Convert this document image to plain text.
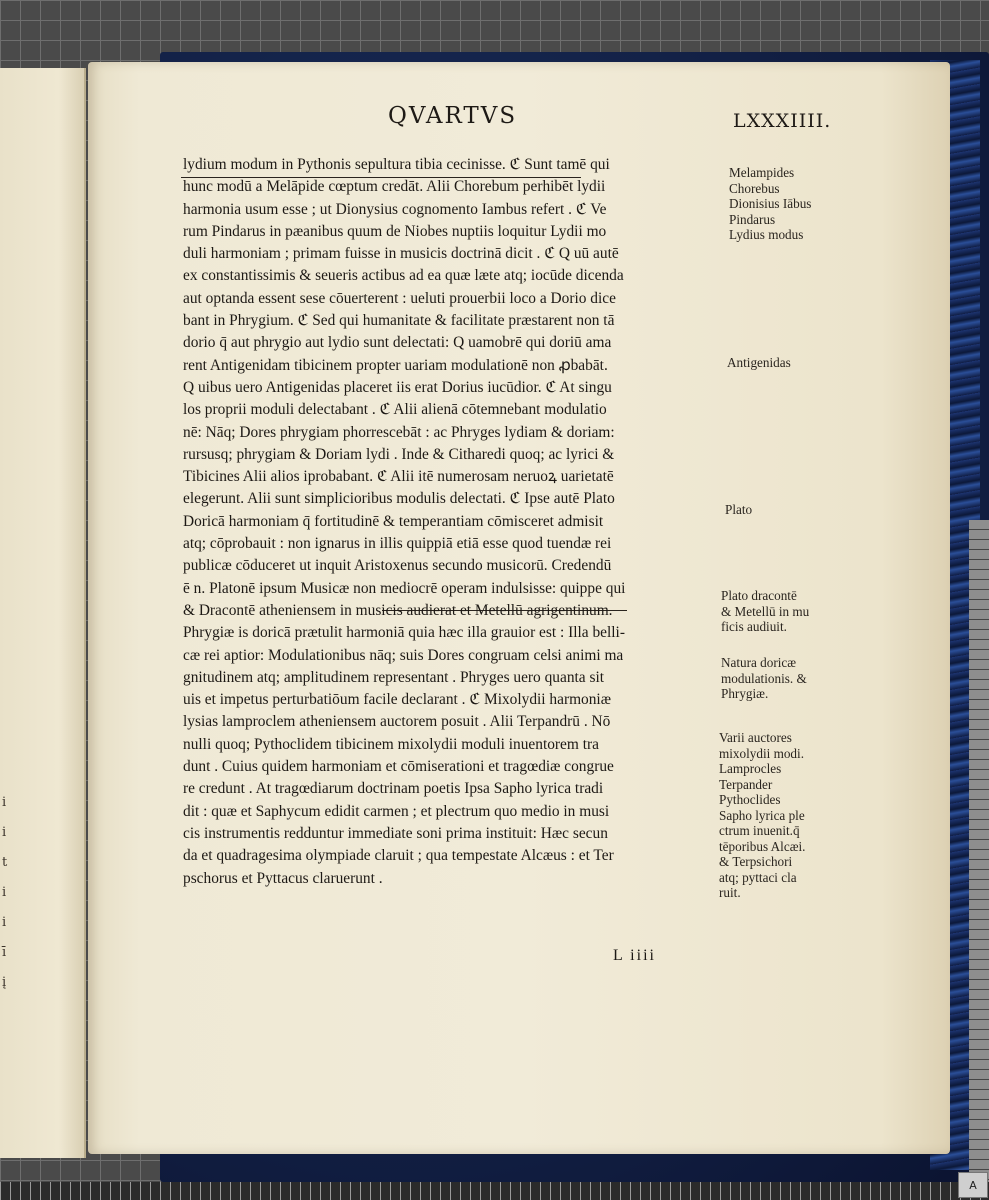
i
i
t
i
i
ī
į
QVARTVS	LXXXIIII.
lydium modum in Pythonis sepultura tibia cecinisse. ℭ Sunt tamē qui
hunc modū a Melāpide cœptum credāt. Alii Chorebum perhibēt lydii
harmonia usum esse ; ut Dionysius cognomento Iambus refert . ℭ Ve
rum Pindarus in pæanibus quum de Niobes nuptiis loquitur Lydii mo
duli harmoniam ; primam fuisse in musicis doctrinā dicit . ℭ Q uū autē
ex constantissimis & seueris actibus ad ea quæ læte atq; iocūde dicenda
aut optanda essent sese cōuerterent : ueluti prouerbii loco a Dorio dice
bant in Phrygium. ℭ Sed qui humanitate & facilitate præstarent non tā
dorio q̄ aut phrygio aut lydio sunt delectati: Q uamobrē qui doriū ama
rent Antigenidam tibicinem propter uariam modulationē non ꝓbabāt.
Q uibus uero Antigenidas placeret iis erat Dorius iucūdior. ℭ At singu
los proprii moduli delectabant . ℭ Alii alienā cōtemnebant modulatio
nē: Nāq; Dores phrygiam phorrescebāt : ac Phryges lydiam & doriam:
rursusq; phrygiam & Doriam lydi . Inde & Citharedi quoq; ac lyrici &
Tibicines Alii alios iprobabant. ℭ Alii itē numerosam neruoꝝ uarietatē
elegerunt. Alii sunt simplicioribus modulis delectati. ℭ Ipse autē Plato
Doricā harmoniam q̄ fortitudinē & temperantiam cōmisceret admisit
atq; cōprobauit : non ignarus in illis quippiā etiā esse quod tuendæ rei
publicæ cōduceret ut inquit Aristoxenus secundo musicorū. Credendū
ē n. Platonē ipsum Musicæ non mediocrē operam indulsisse: quippe qui
& Dracontē atheniensem in musicis audierat et Metellū agrigentinum.
Phrygiæ is doricā prætulit harmoniā quia hæc illa grauior est : Illa belli-
cæ rei aptior: Modulationibus nāq; suis Dores congruam celsi animi ma
gnitudinem atq; amplitudinem representant . Phryges uero quanta sit
uis et impetus perturbatiōum facile declarant . ℭ Mixolydii harmoniæ
lysias lamproclem atheniensem auctorem posuit . Alii Terpandrū . Nō
nulli quoq; Pythoclidem tibicinem mixolydii moduli inuentorem tra
dunt . Cuius quidem harmoniam et cōmiserationi et tragœdiæ congrue
re credunt . At tragœdiarum doctrinam poetis Ipsa Sapho lyrica tradi
dit : quæ et Saphycum edidit carmen ; et plectrum quo medio in musi
cis instrumentis redduntur immediate soni prima instituit: Hæc secun
da et quadragesima olympiade claruit ; qua tempestate Alcæus : et Ter
pschorus et Pyttacus claruerunt .
Melampides
Chorebus
Dionisius Iābus
Pindarus
Lydius modus
Antigenidas
Plato
Plato dracontē
& Metellū in mu
ficis audiuit.
Natura doricæ
modulationis. &
Phrygiæ.
Varii auctores
mixolydii modi.
Lamprocles
Terpander
Pythoclides
Sapho lyrica ple
ctrum inuenit.q̄
tēporibus Alcæi.
& Terpsichori
atq; pyttaci cla
ruit.
L iiii
A
